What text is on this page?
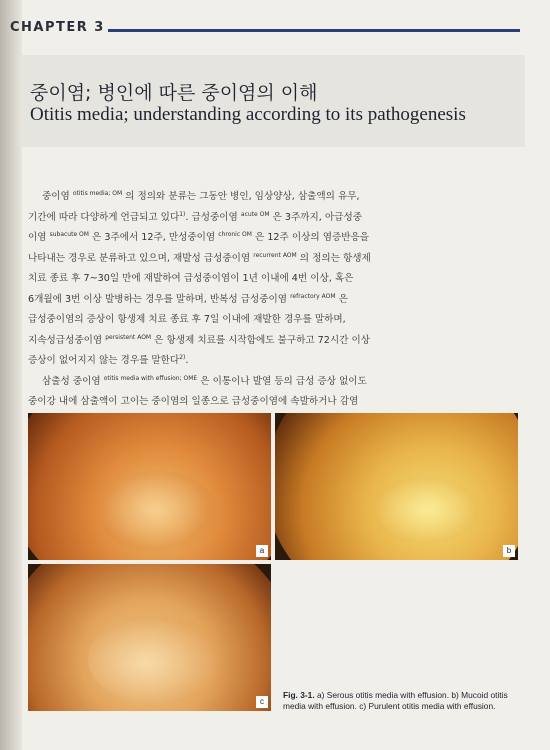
CHAPTER 3
중이염; 병인에 따른 중이염의 이해
Otitis media; understanding according to its pathogenesis
중이염 $^{otitis media; OM}$ 의 정의와 분류는 그동안 병인, 임상양상, 삼출액의 유무,
기간에 따라 다양하게 언급되고 있다$^{1)}$. 급성중이염 $^{acute OM}$ 은 3주까지, 아급성중
이염 $^{subacute OM}$ 은 3주에서 12주, 만성중이염 $^{chronic OM}$ 은 12주 이상의 염증반응을
나타내는 경우로 분류하고 있으며, 재발성 급성중이염 $^{recurrent AOM}$ 의 정의는 항생제
치료 종료 후 7~30일 만에 재발하여 급성중이염이 1년 이내에 4번 이상, 혹은
6개월에 3번 이상 발병하는 경우를 말하며, 반복성 급성중이염 $^{refractory AOM}$ 은
급성중이염의 증상이 항생제 치료 종료 후 7일 이내에 재발한 경우를 말하며,
지속성급성중이염 $^{persistent AOM}$ 은 항생제 치료를 시작함에도 불구하고 72시간 이상
증상이 없어지지 않는 경우를 말한다$^{2)}$.
삼출성 중이염 $^{otitis media with effusion; OME}$ 은 이통이나 발열 등의 급성 증상 없이도
중이강 내에 삼출액이 고이는 중이염의 일종으로 급성중이염에 속발하거나 감염
a	b
c
Fig. 3-1. a) Serous otitis media with effusion. b) Mucoid otitis media with effusion. c) Purulent otitis media with effusion.
